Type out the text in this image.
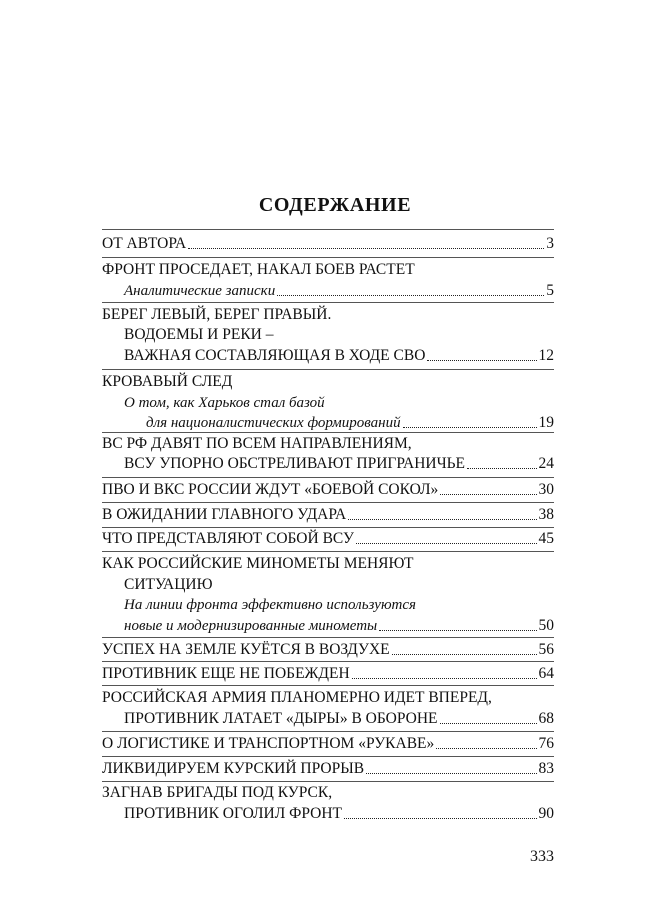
СОДЕРЖАНИЕ
ОТ АВТОРА	3
ФРОНТ ПРОСЕДАЕТ, НАКАЛ БОЕВ РАСТЕТ
Аналитические записки	5
БЕРЕГ ЛЕВЫЙ, БЕРЕГ ПРАВЫЙ.
ВОДОЕМЫ И РЕКИ –
ВАЖНАЯ СОСТАВЛЯЮЩАЯ В ХОДЕ СВО	12
КРОВАВЫЙ СЛЕД
О том, как Харьков стал базой
для националистических формирований	19
ВС РФ ДАВЯТ ПО ВСЕМ НАПРАВЛЕНИЯМ,
ВСУ УПОРНО ОБСТРЕЛИВАЮТ ПРИГРАНИЧЬЕ	24
ПВО И ВКС РОССИИ ЖДУТ «БОЕВОЙ СОКОЛ»	30
В ОЖИДАНИИ ГЛАВНОГО УДАРА	38
ЧТО ПРЕДСТАВЛЯЮТ СОБОЙ ВСУ	45
КАК РОССИЙСКИЕ МИНОМЕТЫ МЕНЯЮТ
СИТУАЦИЮ
На линии фронта эффективно используются
новые и модернизированные минометы	50
УСПЕХ НА ЗЕМЛЕ КУЁТСЯ В ВОЗДУХЕ	56
ПРОТИВНИК ЕЩЕ НЕ ПОБЕЖДЕН	64
РОССИЙСКАЯ АРМИЯ ПЛАНОМЕРНО ИДЕТ ВПЕРЕД,
ПРОТИВНИК ЛАТАЕТ «ДЫРЫ» В ОБОРОНЕ	68
О ЛОГИСТИКЕ И ТРАНСПОРТНОМ «РУКАВЕ»	76
ЛИКВИДИРУЕМ КУРСКИЙ ПРОРЫВ	83
ЗАГНАВ БРИГАДЫ ПОД КУРСК,
ПРОТИВНИК ОГОЛИЛ ФРОНТ	90
333
